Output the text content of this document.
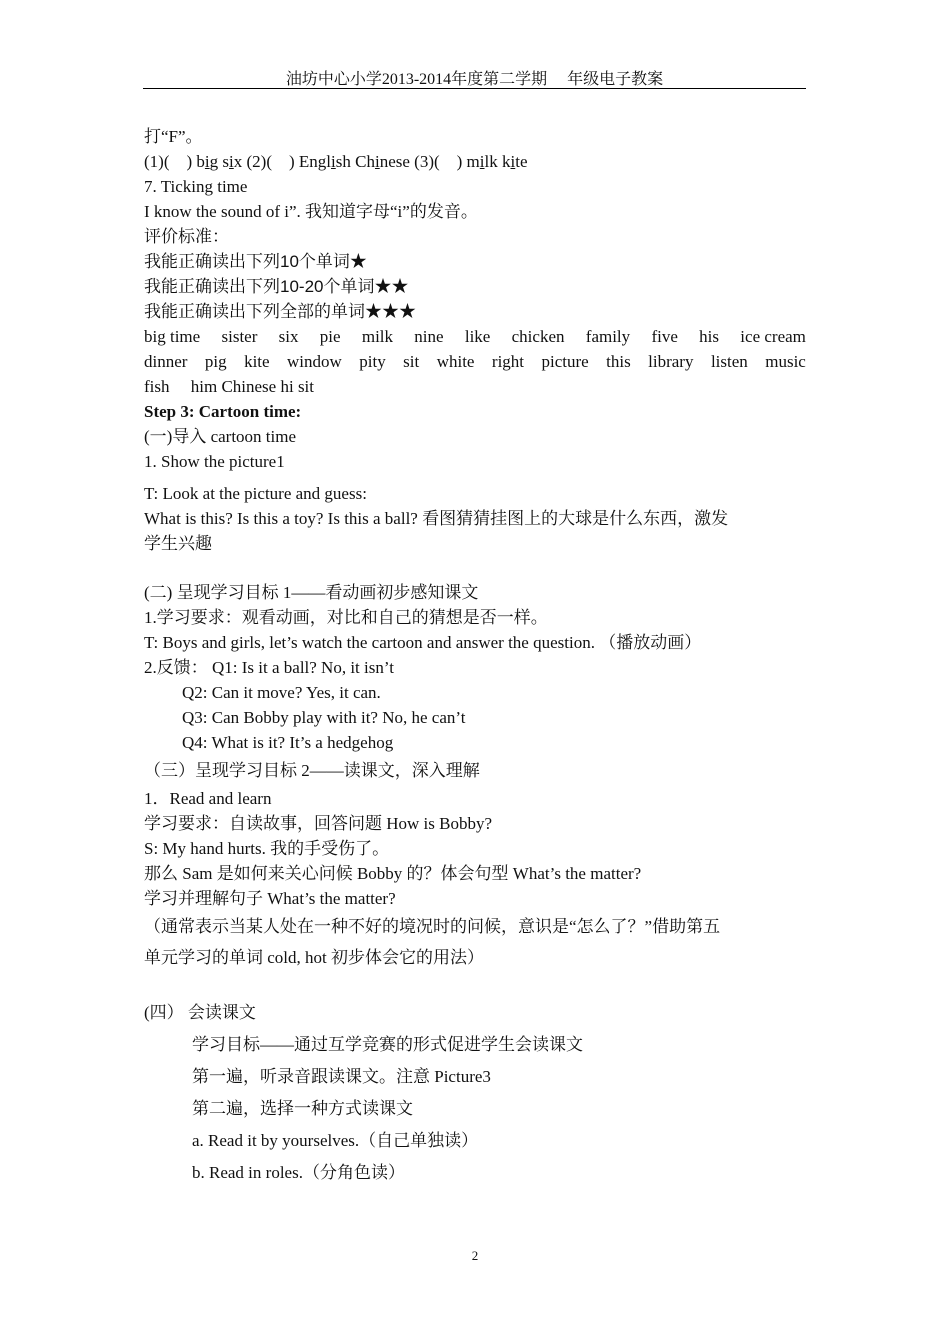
油坊中心小学2013-2014年度第二学期　 年级电子教案
打“F”。
(1)(　) big six (2)(　) English Chinese (3)(　) milk kite
7. Ticking time
I know the sound of i”. 我知道字母“i”的发音。
评价标准：
我能正确读出下列10个单词★
我能正确读出下列10-20个单词★★
我能正确读出下列全部的单词★★★
big time sister six pie milk nine like chicken family five his ice cream
dinner pig kite window pity sit white right picture this library listen music
fish　 him Chinese hi sit
Step 3: Cartoon time:
(一)导入 cartoon time
1. Show the picture1
T: Look at the picture and guess:
What is this? Is this a toy? Is this a ball? 看图猜猜挂图上的大球是什么东西，激发
学生兴趣
(二) 呈现学习目标 1——看动画初步感知课文
1.学习要求：观看动画，对比和自己的猜想是否一样。
T: Boys and girls, let’s watch the cartoon and answer the question. （播放动画）
2.反馈： Q1: Is it a ball? No, it isn’t
Q2: Can it move? Yes, it can.
Q3: Can Bobby play with it? No, he can’t
Q4: What is it? It’s a hedgehog
（三）呈现学习目标 2——读课文，深入理解
1．Read and learn
学习要求：自读故事，回答问题 How is Bobby?
S: My hand hurts. 我的手受伤了。
那么 Sam 是如何来关心问候 Bobby 的？体会句型 What’s the matter?
学习并理解句子 What’s the matter?
（通常表示当某人处在一种不好的境况时的问候，意识是“怎么了？”借助第五
单元学习的单词 cold, hot 初步体会它的用法）
(四） 会读课文
学习目标——通过互学竞赛的形式促进学生会读课文
第一遍，听录音跟读课文。注意 Picture3
第二遍，选择一种方式读课文
a. Read it by yourselves.（自己单独读）
b. Read in roles.（分角色读）
2
